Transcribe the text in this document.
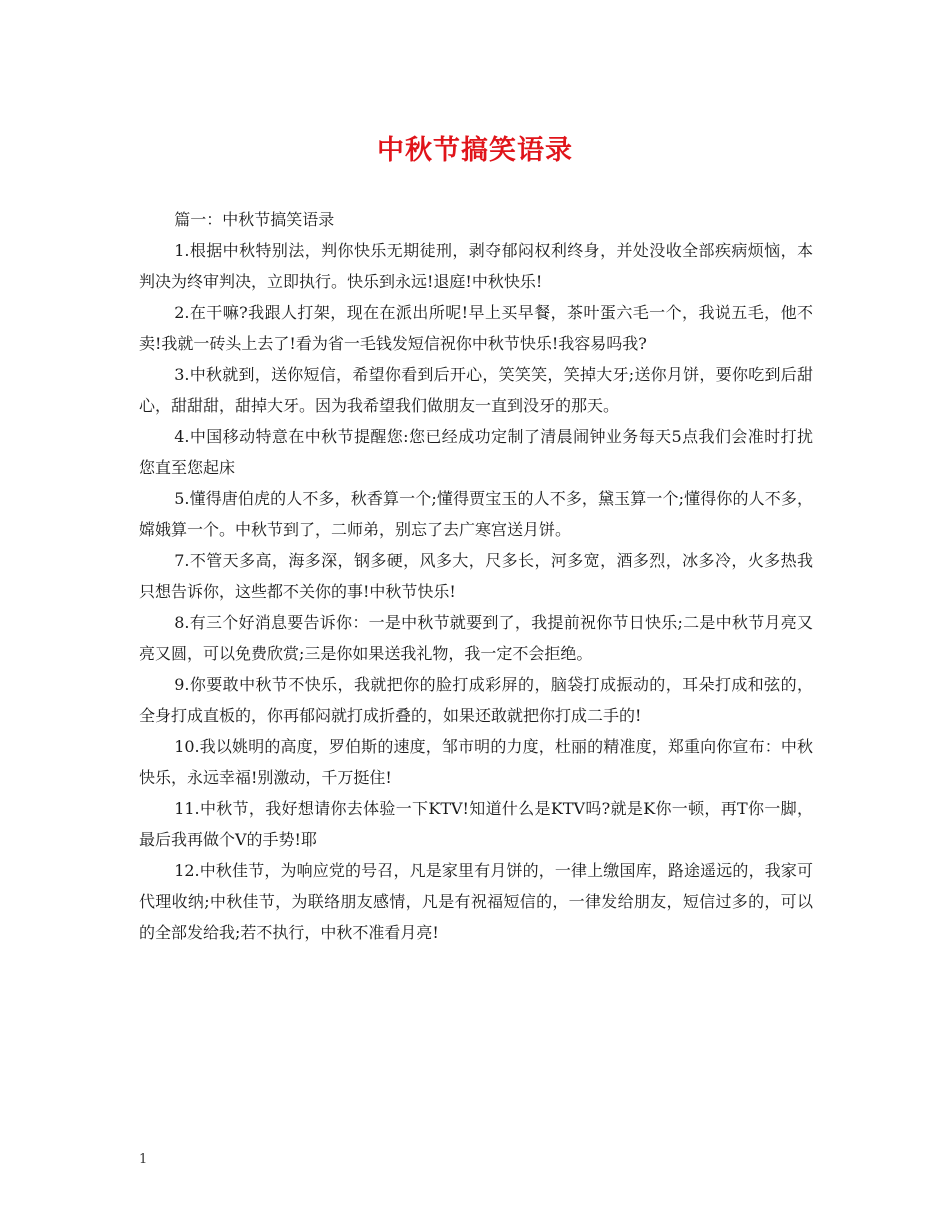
中秋节搞笑语录

篇一：中秋节搞笑语录

1.根据中秋特别法，判你快乐无期徒刑，剥夺郁闷权利终身，并处没收全部疾病烦恼，本判决为终审判决，立即执行。快乐到永远!退庭!中秋快乐!

2.在干嘛?我跟人打架，现在在派出所呢!早上买早餐，茶叶蛋六毛一个，我说五毛，他不卖!我就一砖头上去了!看为省一毛钱发短信祝你中秋节快乐!我容易吗我?

3.中秋就到，送你短信，希望你看到后开心，笑笑笑，笑掉大牙;送你月饼，要你吃到后甜心，甜甜甜，甜掉大牙。因为我希望我们做朋友一直到没牙的那天。

4.中国移动特意在中秋节提醒您:您已经成功定制了清晨闹钟业务每天5点我们会准时打扰您直至您起床

5.懂得唐伯虎的人不多，秋香算一个;懂得贾宝玉的人不多，黛玉算一个;懂得你的人不多，嫦娥算一个。中秋节到了，二师弟，别忘了去广寒宫送月饼。

7.不管天多高，海多深，钢多硬，风多大，尺多长，河多宽，酒多烈，冰多冷，火多热我只想告诉你，这些都不关你的事!中秋节快乐!

8.有三个好消息要告诉你：一是中秋节就要到了，我提前祝你节日快乐;二是中秋节月亮又亮又圆，可以免费欣赏;三是你如果送我礼物，我一定不会拒绝。

9.你要敢中秋节不快乐，我就把你的脸打成彩屏的，脑袋打成振动的，耳朵打成和弦的，全身打成直板的，你再郁闷就打成折叠的，如果还敢就把你打成二手的!

10.我以姚明的高度，罗伯斯的速度，邹市明的力度，杜丽的精准度，郑重向你宣布：中秋快乐，永远幸福!别激动，千万挺住!

11.中秋节，我好想请你去体验一下KTV!知道什么是KTV吗?就是K你一顿，再T你一脚，最后我再做个V的手势!耶

12.中秋佳节，为响应党的号召，凡是家里有月饼的，一律上缴国库，路途遥远的，我家可代理收纳;中秋佳节，为联络朋友感情，凡是有祝福短信的，一律发给朋友，短信过多的，可以的全部发给我;若不执行，中秋不准看月亮!

1
